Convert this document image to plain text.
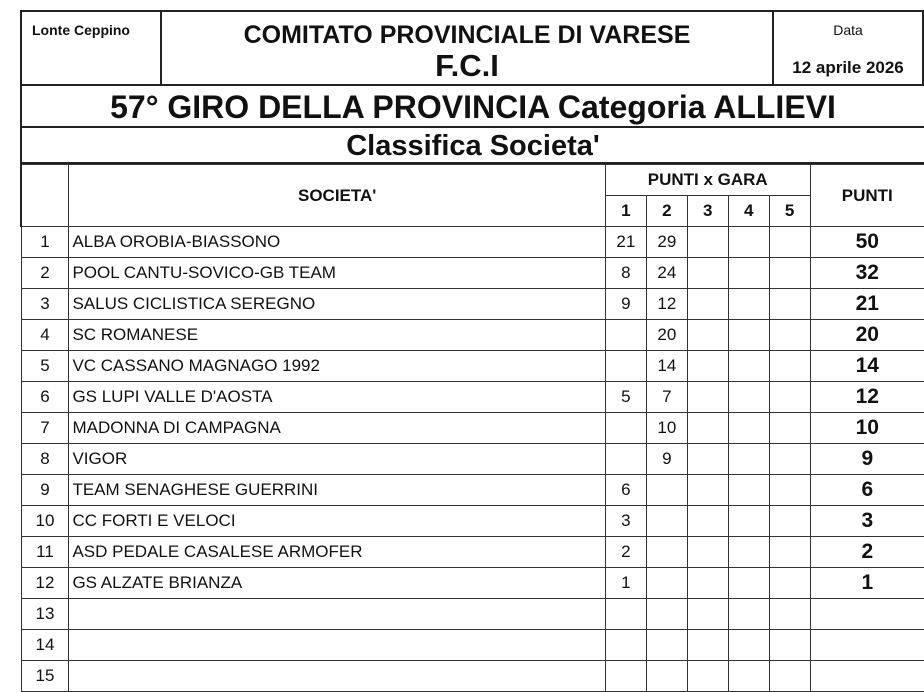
Lonte Ceppino	COMITATO PROVINCIALE DI VARESE
F.C.I
Data
12 aprile 2026
57° GIRO DELLA PROVINCIA Categoria ALLIEVI
Classifica Societa'
	SOCIETA'	PUNTI x GARA					PUNTI
		1	2	3	4	5	
1	ALBA OROBIA-BIASSONO	21	29				50
2	POOL CANTU-SOVICO-GB TEAM	8	24				32
3	SALUS CICLISTICA SEREGNO	9	12				21
4	SC ROMANESE		20				20
5	VC CASSANO MAGNAGO 1992		14				14
6	GS LUPI VALLE D'AOSTA	5	7				12
7	MADONNA DI CAMPAGNA		10				10
8	VIGOR		9				9
9	TEAM SENAGHESE GUERRINI	6					6
10	CC FORTI E VELOCI	3					3
11	ASD PEDALE CASALESE ARMOFER	2					2
12	GS ALZATE BRIANZA	1					1
13							
14							
15							
